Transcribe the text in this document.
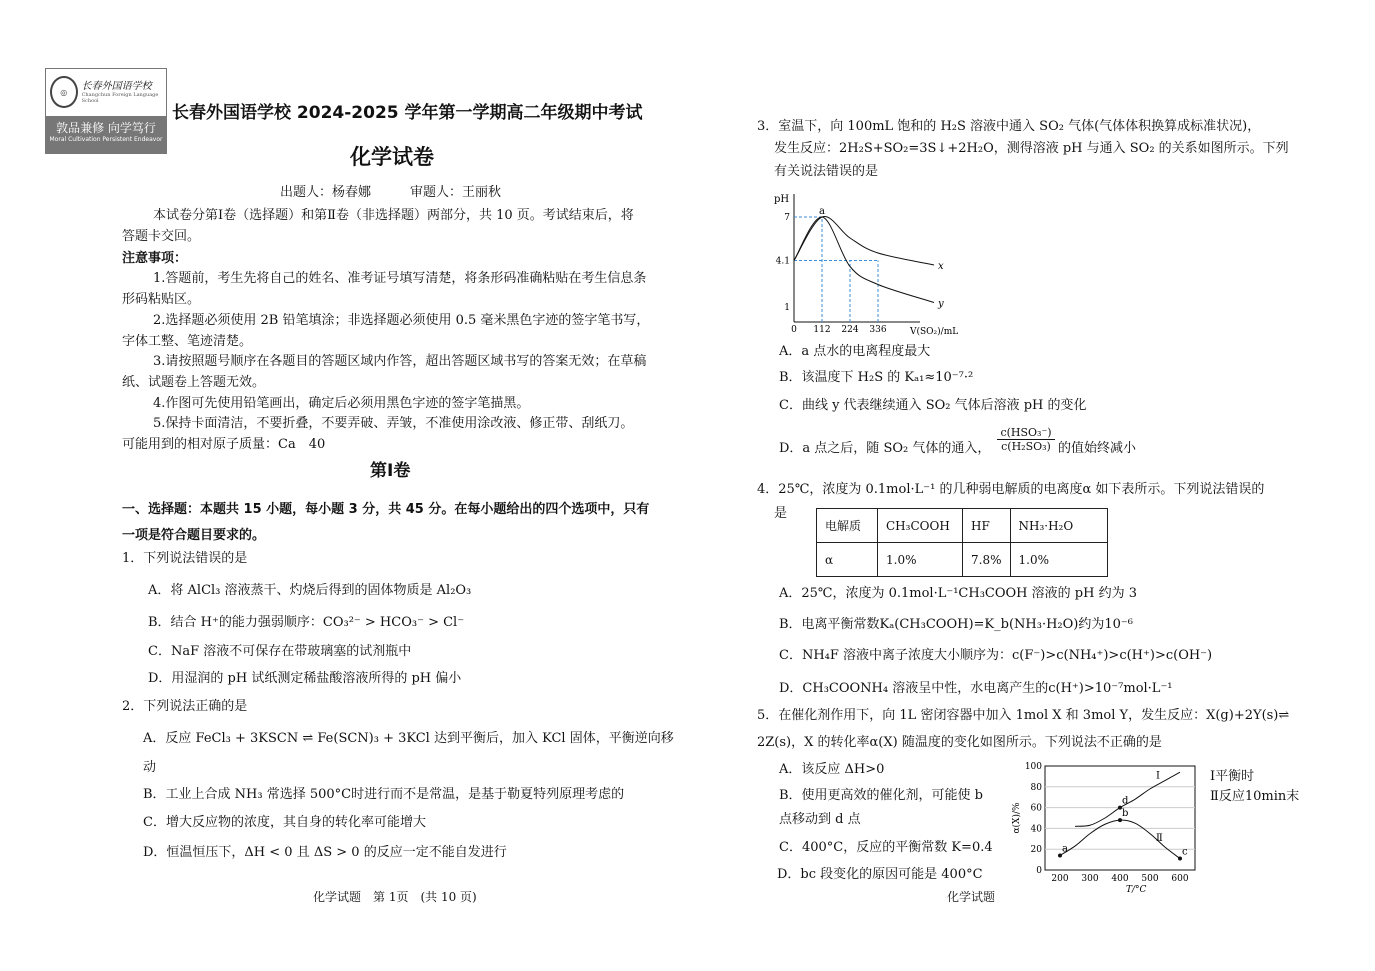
◎
长春外国语学校
Changchun Foreign Language School
敦品兼修 向学笃行
Moral Cultivation Persistent Endeavor
长春外国语学校 2024-2025 学年第一学期高二年级期中考试
化学试卷
出题人：杨春娜　　　审题人：王丽秋
本试卷分第Ⅰ卷（选择题）和第Ⅱ卷（非选择题）两部分，共 10 页。考试结束后，将
答题卡交回。
注意事项：
1.答题前，考生先将自己的姓名、准考证号填写清楚，将条形码准确粘贴在考生信息条
形码粘贴区。
2.选择题必须使用 2B 铅笔填涂；非选择题必须使用 0.5 毫米黑色字迹的签字笔书写，
字体工整、笔迹清楚。
3.请按照题号顺序在各题目的答题区域内作答，超出答题区域书写的答案无效；在草稿
纸、试题卷上答题无效。
4.作图可先使用铅笔画出，确定后必须用黑色字迹的签字笔描黑。
5.保持卡面清洁，不要折叠，不要弄破、弄皱，不准使用涂改液、修正带、刮纸刀。
可能用到的相对原子质量：Ca　40
第Ⅰ卷
一、选择题：本题共 15 小题，每小题 3 分，共 45 分。在每小题给出的四个选项中，只有
一项是符合题目要求的。
1．下列说法错误的是
A．将 AlCl₃ 溶液蒸干、灼烧后得到的固体物质是 Al₂O₃
B．结合 H⁺的能力强弱顺序：CO₃²⁻ > HCO₃⁻ > Cl⁻
C．NaF 溶液不可保存在带玻璃塞的试剂瓶中
D．用湿润的 pH 试纸测定稀盐酸溶液所得的 pH 偏小
2．下列说法正确的是
A．反应 FeCl₃ + 3KSCN ⇌ Fe(SCN)₃ + 3KCl 达到平衡后，加入 KCl 固体，平衡逆向移
动
B．工业上合成 NH₃ 常选择 500°C时进行而不是常温，是基于勒夏特列原理考虑的
C．增大反应物的浓度，其自身的转化率可能增大
D．恒温恒压下，ΔH < 0 且 ΔS > 0 的反应一定不能自发进行
化学试题　第 1页　(共 10 页)
3．室温下，向 100mL 饱和的 H₂S 溶液中通入 SO₂ 气体(气体体积换算成标准状况)，
发生反应：2H₂S+SO₂=3S↓+2H₂O，测得溶液 pH 与通入 SO₂ 的关系如图所示。下列
有关说法错误的是
pH
V(SO₂)/mL
1
4.1
7
0 112 224 336
x
y
a
A．a 点水的电离程度最大
B．该温度下 H₂S 的 Kₐ₁≈10⁻⁷·²
C．曲线 y 代表继续通入 SO₂ 气体后溶液 pH 的变化
D．a 点之后，随 SO₂ 气体的通入，
c(HSO₃⁻)
c(H₂SO₃) 的值始终减小
4．25℃，浓度为 0.1mol·L⁻¹ 的几种弱电解质的电离度α 如下表所示。下列说法错误的
是
电解质	CH₃COOH	HF	NH₃·H₂O
α	1.0%	7.8%	1.0%
A．25℃，浓度为 0.1mol·L⁻¹CH₃COOH 溶液的 pH 约为 3
B．电离平衡常数Kₐ(CH₃COOH)=K_b(NH₃·H₂O)约为10⁻⁶
C．NH₄F 溶液中离子浓度大小顺序为：c(F⁻)>c(NH₄⁺)>c(H⁺)>c(OH⁻)
D．CH₃COONH₄ 溶液呈中性，水电离产生的c(H⁺)>10⁻⁷mol·L⁻¹
5．在催化剂作用下，向 1L 密闭容器中加入 1mol X 和 3mol Y，发生反应：X(g)+2Y(s)⇌
2Z(s)，X 的转化率α(X) 随温度的变化如图所示。下列说法不正确的是
A．该反应 ΔH>0
B．使用更高效的催化剂，可能使 b
点移动到 d 点
C．400°C，反应的平衡常数 K=0.4
D．bc 段变化的原因可能是 400°C	0
20
40
60
80
100
200 300 400 500 600
α(X)/%
T/°C
Ⅰ
Ⅱ
a
b
d
c
Ⅰ平衡时
Ⅱ反应10min末
化学试题
